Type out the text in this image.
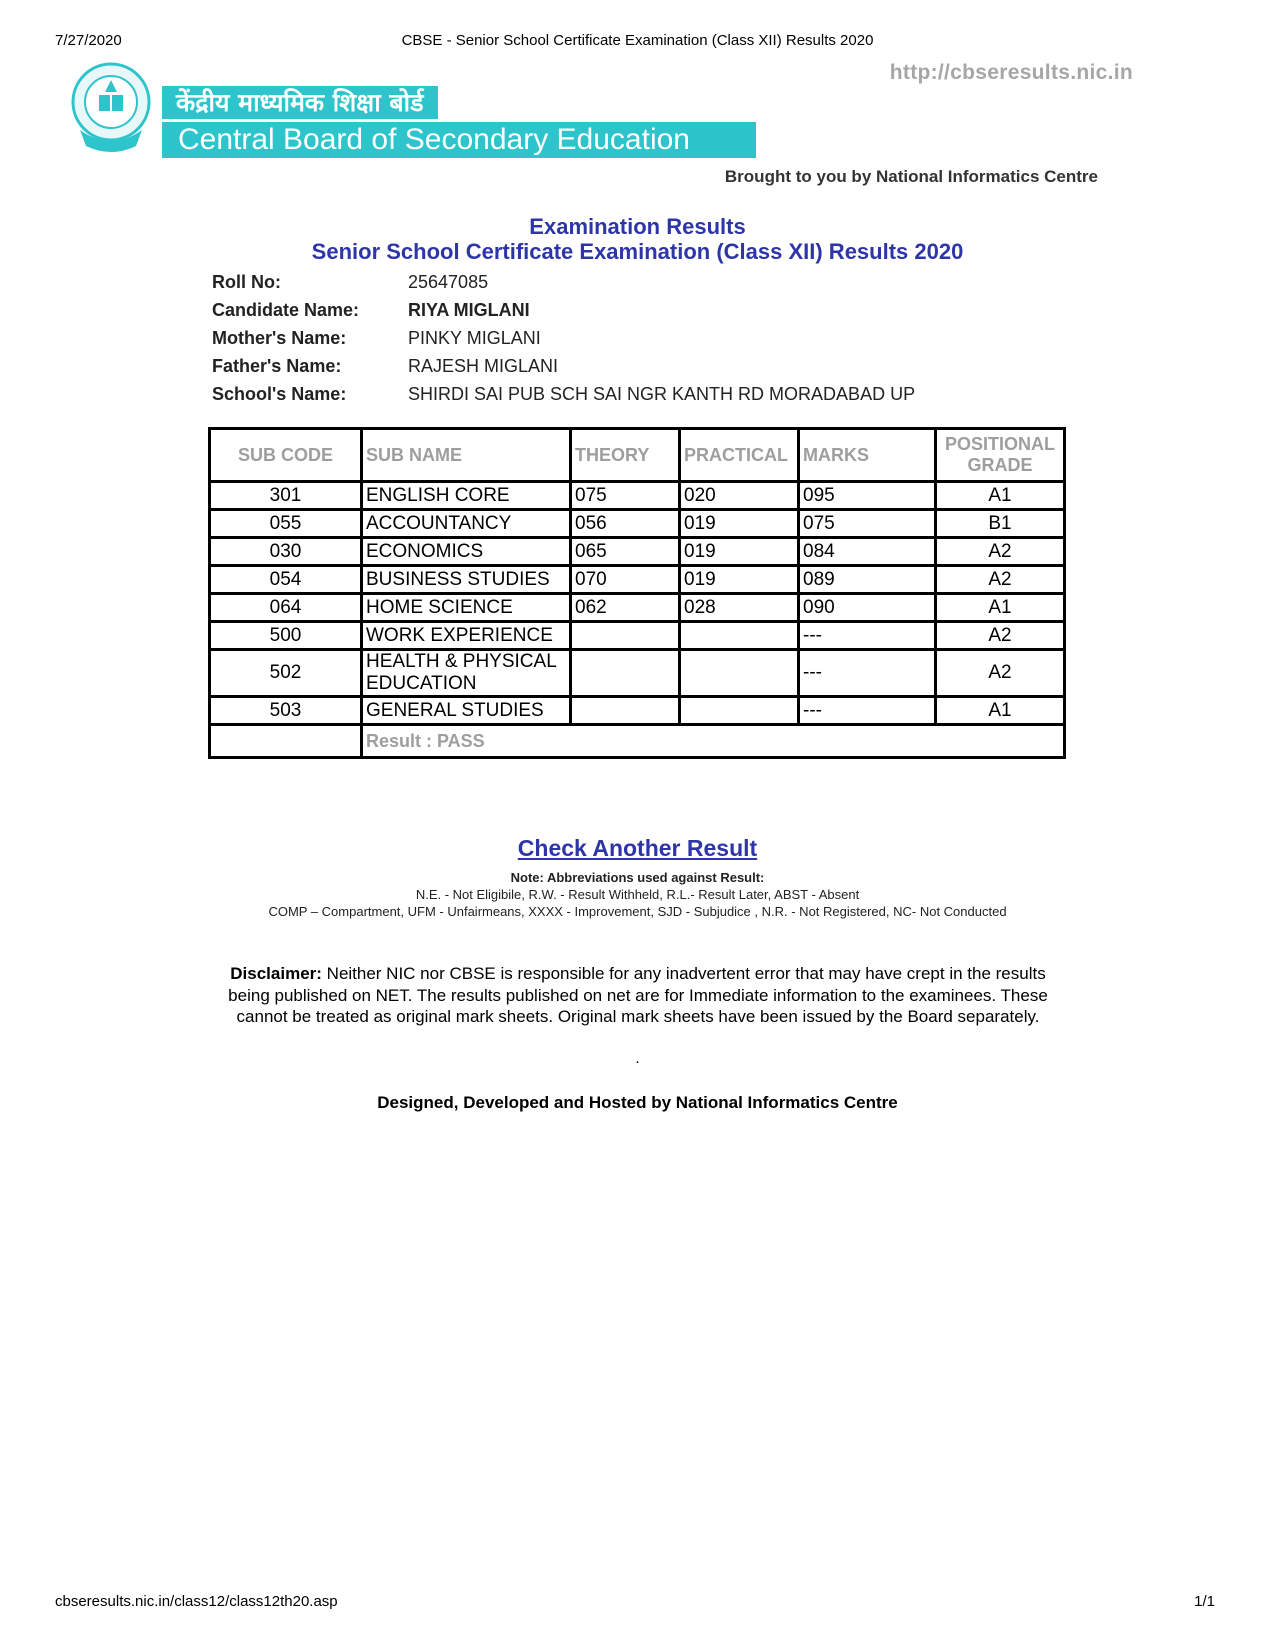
7/27/2020	CBSE - Senior School Certificate Examination (Class XII) Results 2020
http://cbseresults.nic.in
केंद्रीय माध्यमिक शिक्षा बोर्ड
Central Board of Secondary Education
Brought to you by National Informatics Centre
Examination Results
Senior School Certificate Examination (Class XII) Results 2020
Roll No:	25647085
Candidate Name:	RIYA MIGLANI
Mother's Name:	PINKY MIGLANI
Father's Name:	RAJESH MIGLANI
School's Name:	SHIRDI SAI PUB SCH SAI NGR KANTH RD MORADABAD UP
SUB CODE	SUB NAME	THEORY	PRACTICAL	MARKS	POSITIONAL GRADE
301	ENGLISH CORE	075	020	095	A1
055	ACCOUNTANCY	056	019	075	B1
030	ECONOMICS	065	019	084	A2
054	BUSINESS STUDIES	070	019	089	A2
064	HOME SCIENCE	062	028	090	A1
500	WORK EXPERIENCE			---	A2
502	HEALTH & PHYSICAL EDUCATION			---	A2
503	GENERAL STUDIES			---	A1
	Result : PASS				
Check Another Result
Note: Abbreviations used against Result:
N.E. - Not Eligibile, R.W. - Result Withheld, R.L.- Result Later, ABST - Absent
COMP – Compartment, UFM - Unfairmeans, XXXX - Improvement, SJD - Subjudice , N.R. - Not Registered, NC- Not Conducted
Disclaimer: Neither NIC nor CBSE is responsible for any inadvertent error that may have crept in the results being published on NET. The results published on net are for Immediate information to the examinees. These cannot be treated as original mark sheets. Original mark sheets have been issued by the Board separately.
.
Designed, Developed and Hosted by National Informatics Centre
cbseresults.nic.in/class12/class12th20.asp	1/1
